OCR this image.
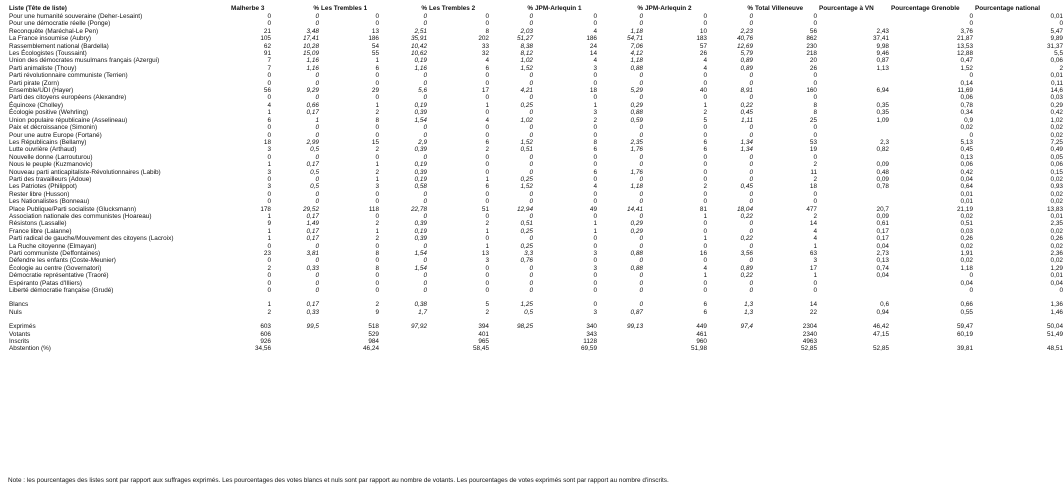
Liste (Tête de liste)	Malherbe 3	%	Les Trembles 1	%	Les Trembles 2	%	JPM-Arlequin 1	%	JPM-Arlequin 2	%	Total Villeneuve	Pourcentage à VN	Pourcentage Grenoble	Pourcentage national
Pour une humanité souveraine (Deher-Lesaint)	0	0	0	0	0	0	0	0	0	0	0		0	0,01
Pour une démocratie réelle (Ponge)	0	0	0	0	0	0	0	0	0	0	0		0	0
Reconquête (Maréchal-Le Pen)	21	3,48	13	2,51	8	2,03	4	1,18	10	2,23	56	2,43	3,76	5,47
La France insoumise (Aubry)	105	17,41	186	35,91	202	51,27	186	54,71	183	40,76	862	37,41	21,87	9,89
Rassemblement national (Bardella)	62	10,28	54	10,42	33	8,38	24	7,06	57	12,69	230	9,98	13,53	31,37
Les Écologistes (Toussaint)	91	15,09	55	10,62	32	8,12	14	4,12	26	5,79	218	9,46	12,88	5,5
Union des démocrates musulmans français (Azergui)	7	1,16	1	0,19	4	1,02	4	1,18	4	0,89	20	0,87	0,47	0,06
Parti animaliste (Thouy)	7	1,16	6	1,16	6	1,52	3	0,88	4	0,89	26	1,13	1,52	2
Parti révolutionnaire communiste (Terrien)	0	0	0	0	0	0	0	0	0	0	0		0	0,01
Parti pirate (Zorn)	0	0	0	0	0	0	0	0	0	0	0		0,14	0,11
Ensemble/UDI (Hayer)	56	9,29	29	5,6	17	4,21	18	5,29	40	8,91	160	6,94	11,69	14,6
Parti des citoyens européens (Alexandre)	0	0	0	0	0	0	0	0	0	0	0		0,06	0,03
Équinoxe (Cholley)	4	0,66	1	0,19	1	0,25	1	0,29	1	0,22	8	0,35	0,78	0,29
Écologie positive (Wehrling)	1	0,17	2	0,39	0	0	3	0,88	2	0,45	8	0,35	0,34	0,42
Union populaire républicaine (Asselineau)	6	1	8	1,54	4	1,02	2	0,59	5	1,11	25	1,09	0,9	1,02
Paix et décroissance (Simonin)	0	0	0	0	0	0	0	0	0	0	0		0,02	0,02
Pour une autre Europe (Fortané)	0	0	0	0	0	0	0	0	0	0	0		0	0,02
Les Républicains (Bellamy)	18	2,99	15	2,9	6	1,52	8	2,35	6	1,34	53	2,3	5,13	7,25
Lutte ouvrière (Arthaud)	3	0,5	2	0,39	2	0,51	6	1,76	6	1,34	19	0,82	0,45	0,49
Nouvelle donne (Larrouturou)	0	0	0	0	0	0	0	0	0	0	0		0,13	0,05
Nous le peuple (Kuzmanovic)	1	0,17	1	0,19	0	0	0	0	0	0	2	0,09	0,06	0,06
Nouveau parti anticapitaliste-Révolutionnaires (Labib)	3	0,5	2	0,39	0	0	6	1,76	0	0	11	0,48	0,42	0,15
Parti des travailleurs (Adoue)	0	0	1	0,19	1	0,25	0	0	0	0	2	0,09	0,04	0,02
Les Patriotes (Philippot)	3	0,5	3	0,58	6	1,52	4	1,18	2	0,45	18	0,78	0,64	0,93
Rester libre (Husson)	0	0	0	0	0	0	0	0	0	0	0		0,01	0,02
Les Nationalistes (Bonneau)	0	0	0	0	0	0	0	0	0	0	0		0,01	0,02
Place Publique/Parti socialiste (Glucksmann)	178	29,52	118	22,78	51	12,94	49	14,41	81	18,04	477	20,7	21,19	13,83
Association nationale des communistes (Hoareau)	1	0,17	0	0	0	0	0	0	1	0,22	2	0,09	0,02	0,01
Résistons (Lassalle)	9	1,49	2	0,39	2	0,51	1	0,29	0	0	14	0,61	0,51	2,35
France libre (Lalanne)	1	0,17	1	0,19	1	0,25	1	0,29	0	0	4	0,17	0,03	0,02
Parti radical de gauche/Mouvement des citoyens (Lacroix)	1	0,17	2	0,39	0	0	0	0	1	0,22	4	0,17	0,26	0,26
La Ruche citoyenne (Elmayan)	0	0	0	0	1	0,25	0	0	0	0	1	0,04	0,02	0,02
Parti communiste (Deffontaines)	23	3,81	8	1,54	13	3,3	3	0,88	16	3,56	63	2,73	1,91	2,36
Défendre les enfants (Coste-Meunier)	0	0	0	0	3	0,76	0	0	0	0	3	0,13	0,02	0,02
Écologie au centre (Governatori)	2	0,33	8	1,54	0	0	3	0,88	4	0,89	17	0,74	1,18	1,29
Démocratie représentative (Traoré)	0	0	0	0	0	0	0	0	1	0,22	1	0,04	0	0,01
Espéranto (Patas d'Illiers)	0	0	0	0	0	0	0	0	0	0	0		0,04	0,04
Liberté démocratie française (Grudé)	0	0	0	0	0	0	0	0	0	0	0		0	0

Blancs	1	0,17	2	0,38	5	1,25	0	0	6	1,3	14	0,6	0,66	1,36
Nuls	2	0,33	9	1,7	2	0,5	3	0,87	6	1,3	22	0,94	0,55	1,46

Exprimés	603	99,5	518	97,92	394	98,25	340	99,13	449	97,4	2304	46,42	59,47	50,04
Votants	606		529		401		343		461		2340	47,15	60,19	51,49
Inscrits	926		984		965		1128		960		4963			
Abstention (%)	34,56		46,24		58,45		69,59		51,98		52,85	52,85	39,81	48,51
Note : les pourcentages des listes sont par rapport aux suffrages exprimés. Les pourcentages des votes blancs et nuls sont par rapport au nombre de votants. Les pourcentages de votes exprimés sont par rapport au nombre d'inscrits.
